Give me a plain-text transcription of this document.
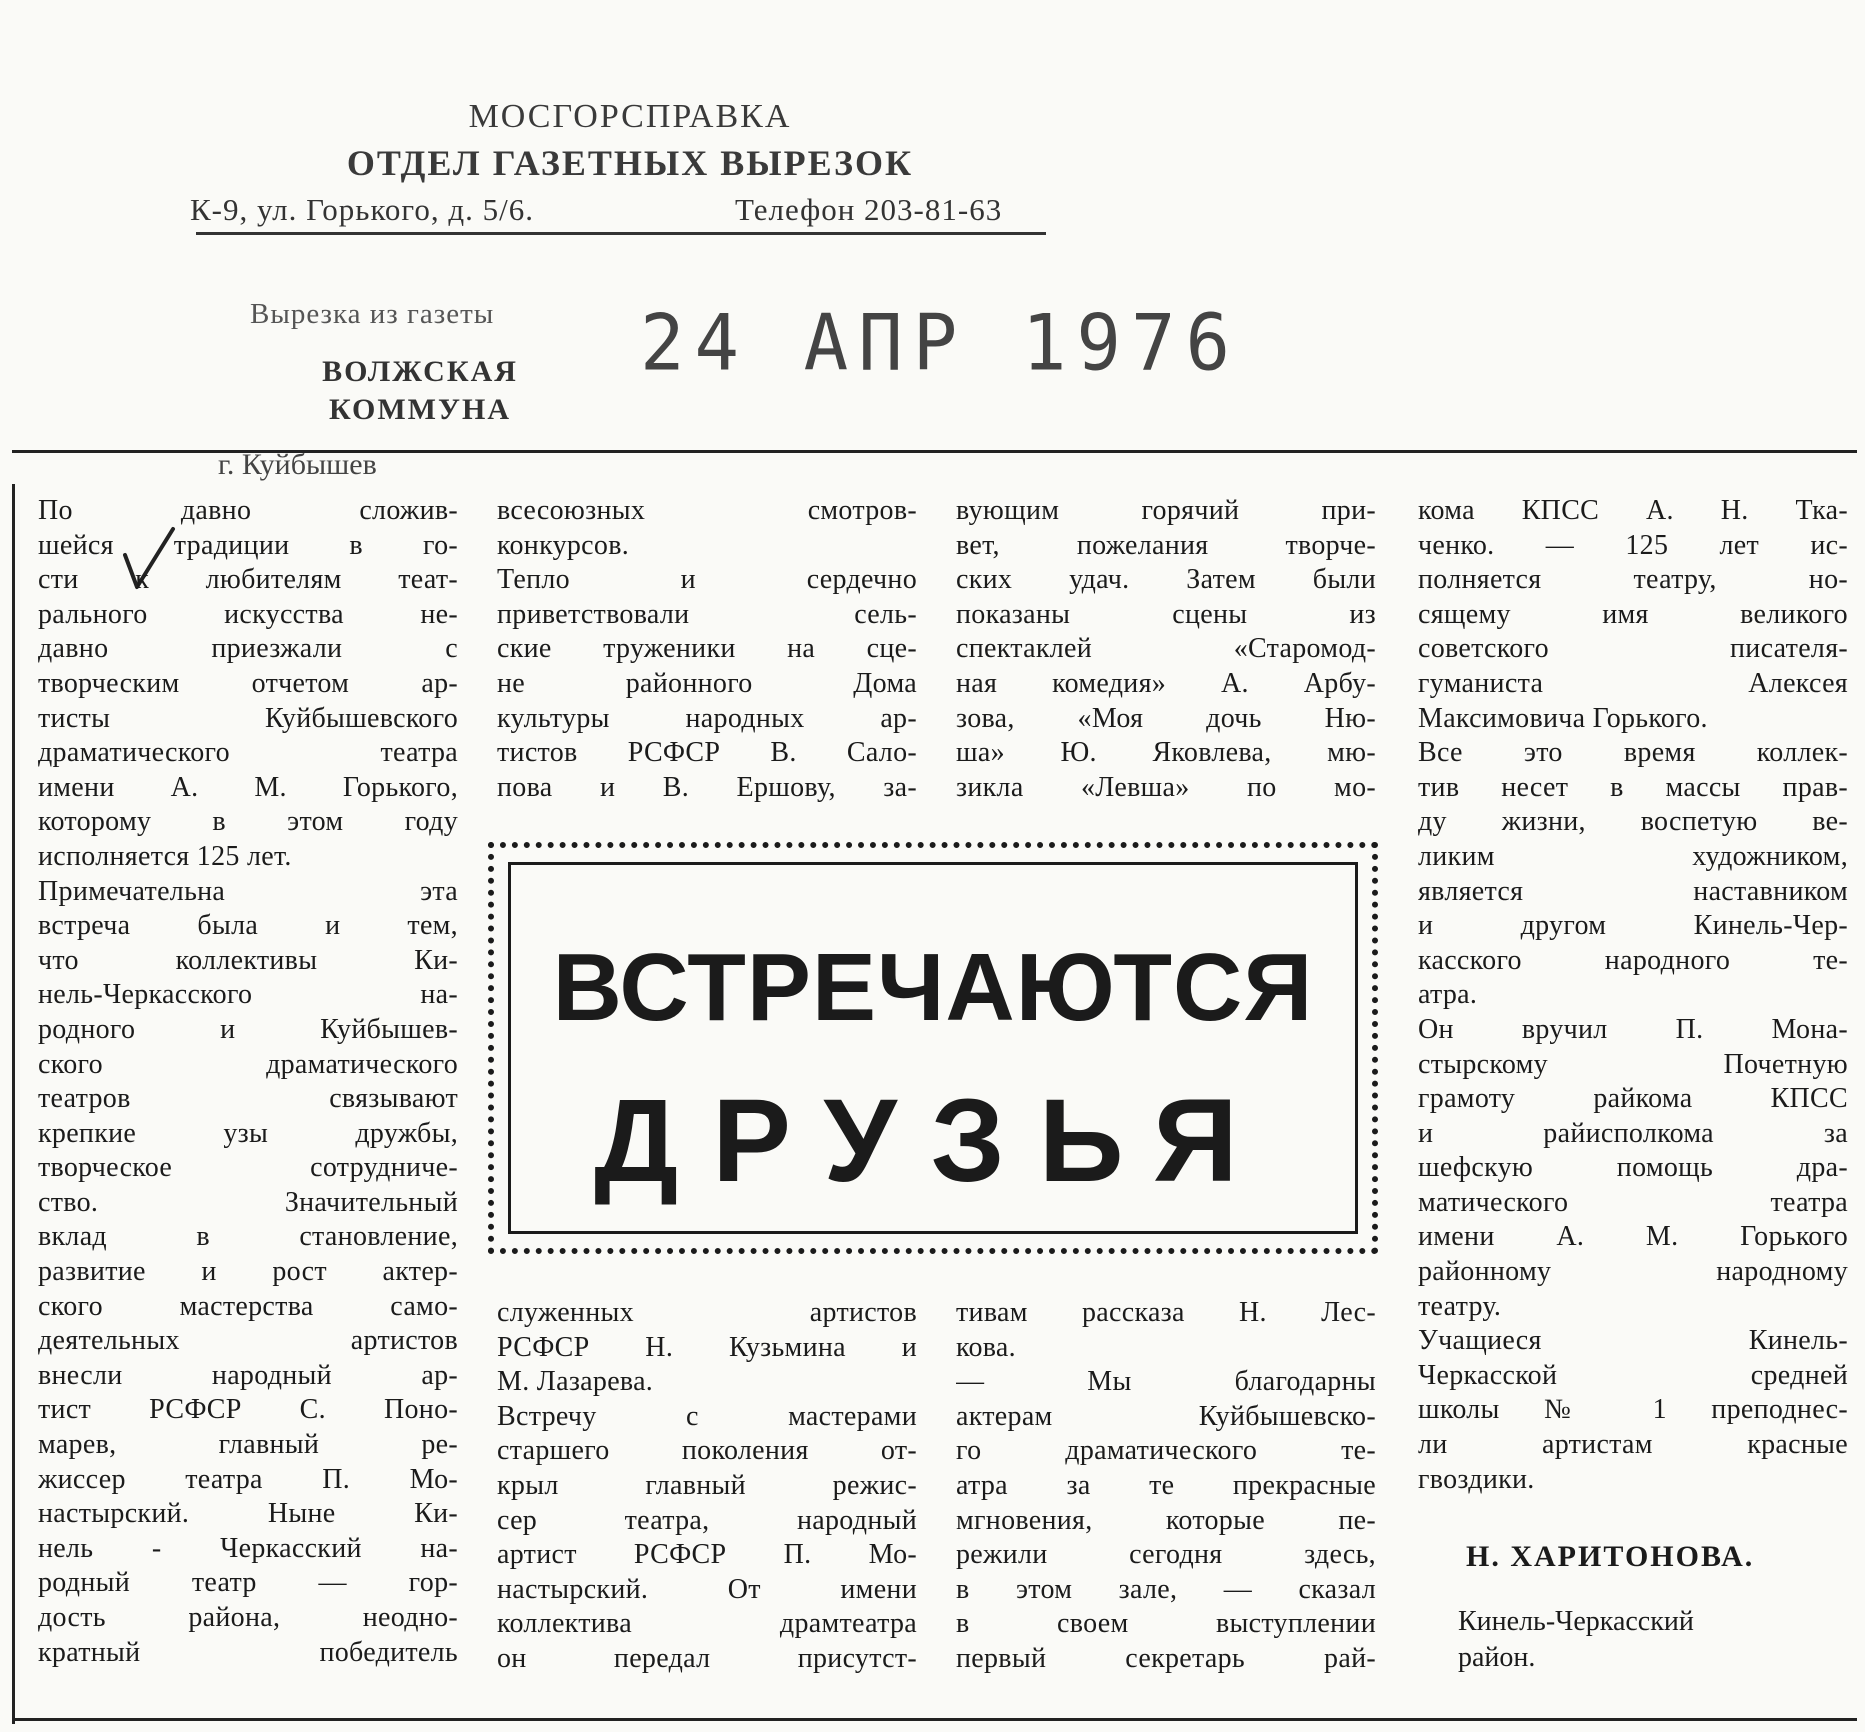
МОСГОРСПРАВКА
ОТДЕЛ ГАЗЕТНЫХ ВЫРЕЗОК
К-9, ул. Горького, д. 5/6.	Телефон 203-81-63
Вырезка из газеты
ВОЛЖСКАЯ
КОММУНА
г. Куйбышев
24 АПР 1976
По давно сложив-
шейся традиции в го-
сти к любителям теат-
рального искусства не-
давно приезжали с
творческим отчетом ар-
тисты Куйбышевского
драматического театра
имени А. М. Горького,
которому в этом году
исполняется 125 лет.
Примечательна эта
встреча была и тем,
что коллективы Ки-
нель-Черкасского на-
родного и Куйбышев-
ского драматического
театров связывают
крепкие узы дружбы,
творческое сотрудниче-
ство. Значительный
вклад в становление,
развитие и рост актер-
ского мастерства само-
деятельных артистов
внесли народный ар-
тист РСФСР С. Поно-
марев, главный ре-
жиссер театра П. Мо-
настырский. Ныне Ки-
нель - Черкасский на-
родный театр — гор-
дость района, неодно-
кратный победитель
всесоюзных смотров-
конкурсов.
Тепло и сердечно
приветствовали сель-
ские труженики на сце-
не районного Дома
культуры народных ар-
тистов РСФСР В. Сало-
пова и В. Ершову, за-
вующим горячий при-
вет, пожелания творче-
ских удач. Затем были
показаны сцены из
спектаклей «Старомод-
ная комедия» А. Арбу-
зова, «Моя дочь Ню-
ша» Ю. Яковлева, мю-
зикла «Левша» по мо-
ВСТРЕЧАЮТСЯ
ДРУЗЬЯ
служенных артистов
РСФСР Н. Кузьмина и
М. Лазарева.
Встречу с мастерами
старшего поколения от-
крыл главный режис-
сер театра, народный
артист РСФСР П. Мо-
настырский. От имени
коллектива драмтеатра
он передал присутст-
тивам рассказа Н. Лес-
кова.
— Мы благодарны
актерам Куйбышевско-
го драматического те-
атра за те прекрасные
мгновения, которые пе-
режили сегодня здесь,
в этом зале, — сказал
в своем выступлении
первый секретарь рай-
кома КПСС А. Н. Тка-
ченко. — 125 лет ис-
полняется театру, но-
сящему имя великого
советского писателя-
гуманиста Алексея
Максимовича Горького.
Все это время коллек-
тив несет в массы прав-
ду жизни, воспетую ве-
ликим художником,
является наставником
и другом Кинель-Чер-
касского народного те-
атра.
Он вручил П. Мона-
стырскому Почетную
грамоту райкома КПСС
и райисполкома за
шефскую помощь дра-
матического театра
имени А. М. Горького
районному народному
театру.
Учащиеся Кинель-
Черкасской средней
школы № 1 преподнес-
ли артистам красные
гвоздики.
Н. ХАРИТОНОВА.
Кинель-Черкасский
район.
